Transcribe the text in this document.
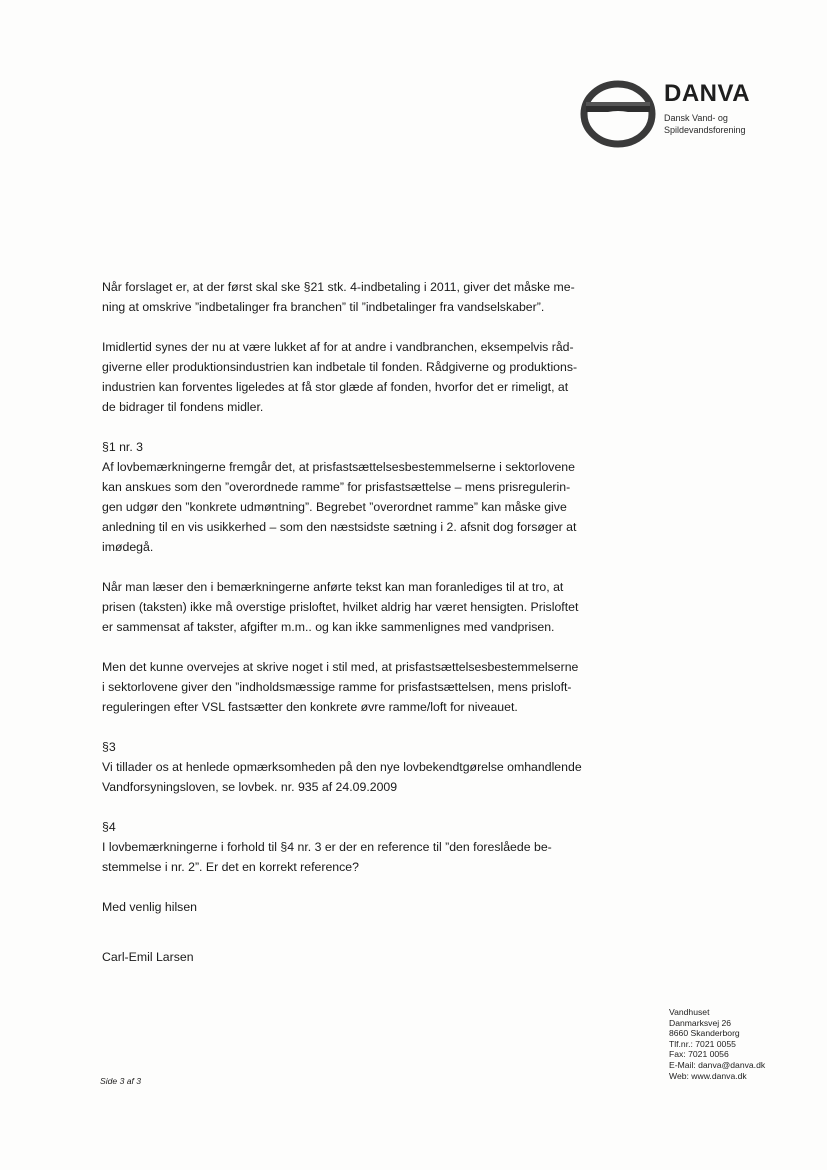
DANVA
Dansk Vand- og
Spildevandsforening

Når forslaget er, at der først skal ske §21 stk. 4-indbetaling i 2011, giver det måske me-
ning at omskrive ”indbetalinger fra branchen” til ”indbetalinger fra vandselskaber”.

Imidlertid synes der nu at være lukket af for at andre i vandbranchen, eksempelvis råd-
giverne eller produktionsindustrien kan indbetale til fonden. Rådgiverne og produktions-
industrien kan forventes ligeledes at få stor glæde af fonden, hvorfor det er rimeligt, at
de bidrager til fondens midler.

§1 nr. 3

Af lovbemærkningerne fremgår det, at prisfastsættelsesbestemmelserne i sektorlovene
kan anskues som den ”overordnede ramme” for prisfastsættelse – mens prisregulerin-
gen udgør den ”konkrete udmøntning”. Begrebet ”overordnet ramme” kan måske give
anledning til en vis usikkerhed – som den næstsidste sætning i 2. afsnit dog forsøger at
imødegå.

Når man læser den i bemærkningerne anførte tekst kan man foranlediges til at tro, at
prisen (taksten) ikke må overstige prisloftet, hvilket aldrig har været hensigten. Prisloftet
er sammensat af takster, afgifter m.m.. og kan ikke sammenlignes med vandprisen.

Men det kunne overvejes at skrive noget i stil med, at prisfastsættelsesbestemmelserne
i sektorlovene giver den ”indholdsmæssige ramme for prisfastsættelsen, mens prisloft-
reguleringen efter VSL fastsætter den konkrete øvre ramme/loft for niveauet.

§3

Vi tillader os at henlede opmærksomheden på den nye lovbekendtgørelse omhandlende
Vandforsyningsloven, se lovbek. nr. 935 af 24.09.2009

§4

I lovbemærkningerne i forhold til §4 nr. 3 er der en reference til ”den foreslåede be-
stemmelse i nr. 2”. Er det en korrekt reference?

Med venlig hilsen

Carl-Emil Larsen

Vandhuset
Danmarksvej 26
8660 Skanderborg
Tlf.nr.: 7021 0055
Fax: 7021 0056
E-Mail: danva@danva.dk
Web: www.danva.dk
Side 3 af 3
